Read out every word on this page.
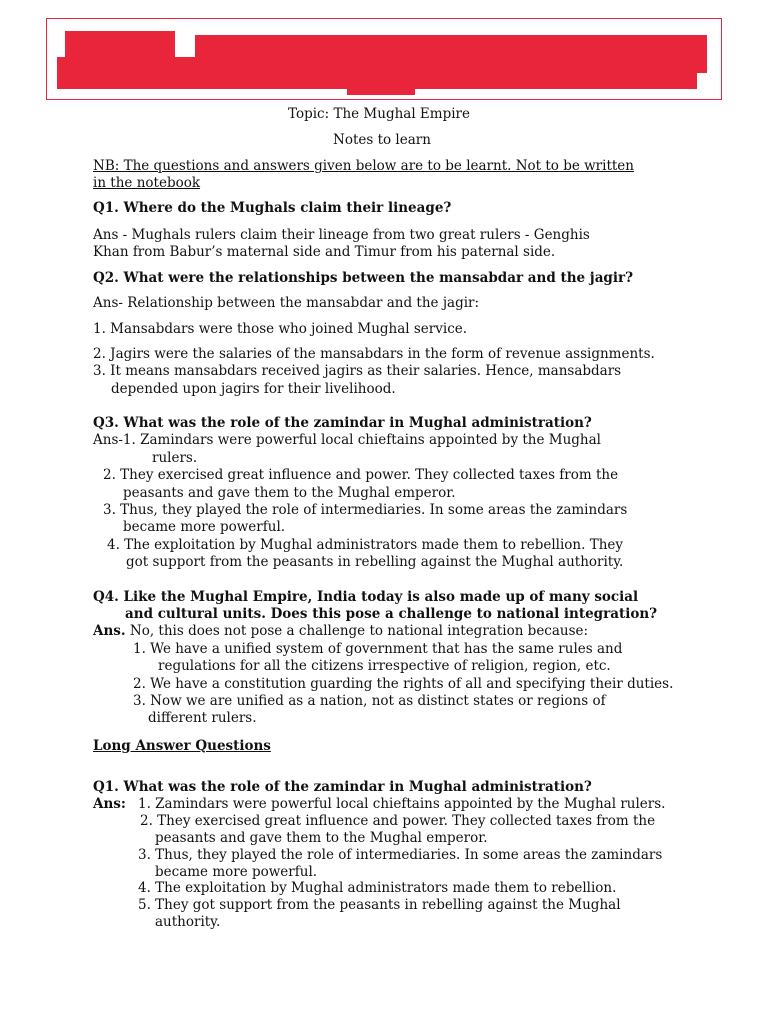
Topic: The Mughal Empire
Notes to learn
NB: The questions and answers given below are to be learnt. Not to be written
in the notebook
Q1. Where do the Mughals claim their lineage?
Ans - Mughals rulers claim their lineage from two great rulers - Genghis
Khan from Babur’s maternal side and Timur from his paternal side.
Q2. What were the relationships between the mansabdar and the jagir?
Ans- Relationship between the mansabdar and the jagir:
1. Mansabdars were those who joined Mughal service.
2. Jagirs were the salaries of the mansabdars in the form of revenue assignments.
3. It means mansabdars received jagirs as their salaries. Hence, mansabdars
depended upon jagirs for their livelihood.
Q3. What was the role of the zamindar in Mughal administration?
Ans-1. Zamindars were powerful local chieftains appointed by the Mughal
rulers.
2. They exercised great influence and power. They collected taxes from the
peasants and gave them to the Mughal emperor.
3. Thus, they played the role of intermediaries. In some areas the zamindars
became more powerful.
4. The exploitation by Mughal administrators made them to rebellion. They
got support from the peasants in rebelling against the Mughal authority.
Q4. Like the Mughal Empire, India today is also made up of many social
and cultural units. Does this pose a challenge to national integration?
Ans. No, this does not pose a challenge to national integration because:
1. We have a unified system of government that has the same rules and
regulations for all the citizens irrespective of religion, region, etc.
2. We have a constitution guarding the rights of all and specifying their duties.
3. Now we are unified as a nation, not as distinct states or regions of
different rulers.
Long Answer Questions
Q1. What was the role of the zamindar in Mughal administration?
Ans: 1. Zamindars were powerful local chieftains appointed by the Mughal rulers.
2. They exercised great influence and power. They collected taxes from the
peasants and gave them to the Mughal emperor.
3. Thus, they played the role of intermediaries. In some areas the zamindars
became more powerful.
4. The exploitation by Mughal administrators made them to rebellion.
5. They got support from the peasants in rebelling against the Mughal
authority.
